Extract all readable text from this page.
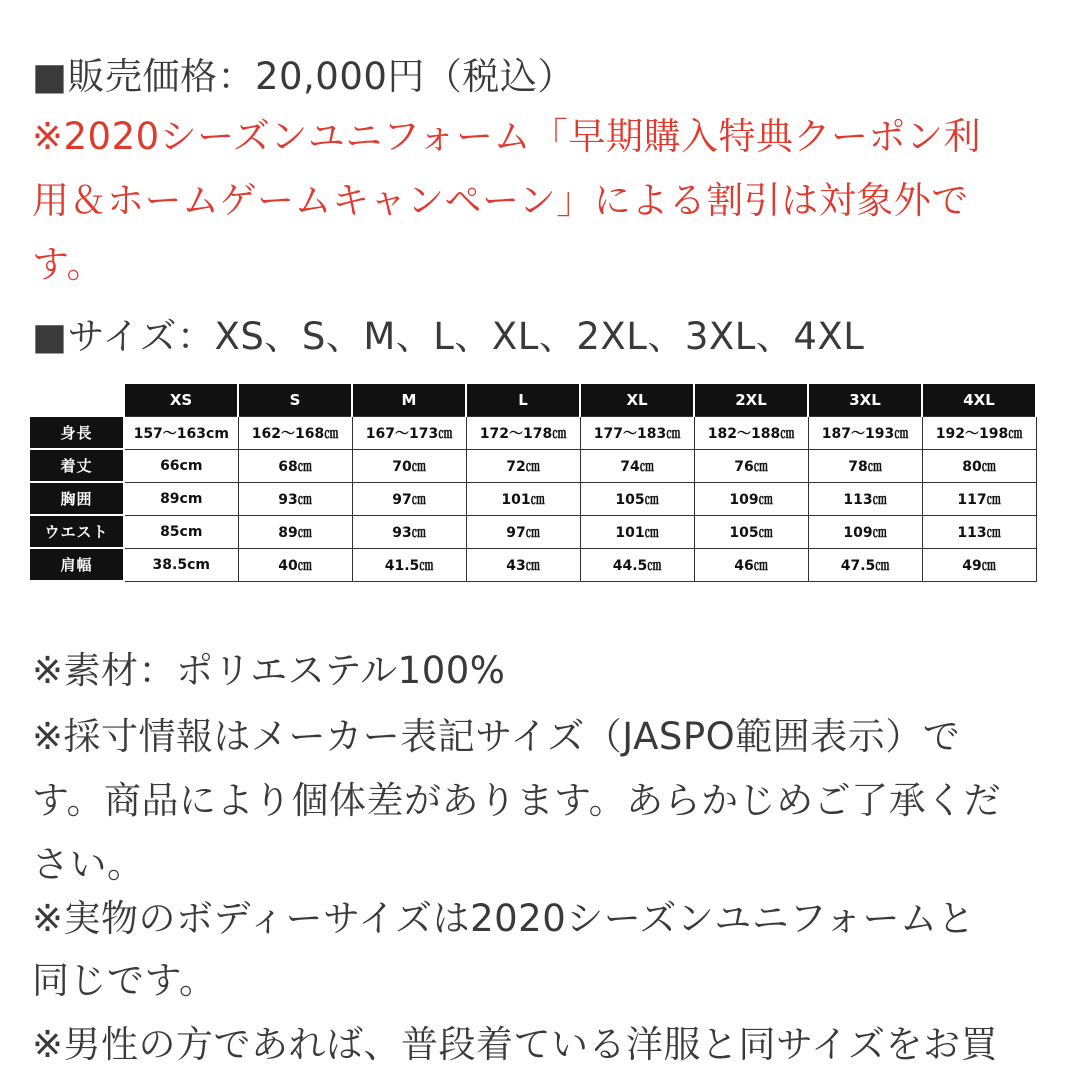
■販売価格：20,000円（税込）
※2020シーズンユニフォーム「早期購入特典クーポン利
用＆ホームゲームキャンペーン」による割引は対象外で
す。
■サイズ：XS、S、M、L、XL、2XL、3XL、4XL
	XS	S	M	L	XL	2XL	3XL	4XL
身長	157〜163cm	162〜168㎝	167〜173㎝	172〜178㎝	177〜183㎝	182〜188㎝	187〜193㎝	192〜198㎝
着丈	66cm	68㎝	70㎝	72㎝	74㎝	76㎝	78㎝	80㎝
胸囲	89cm	93㎝	97㎝	101㎝	105㎝	109㎝	113㎝	117㎝
ウエスト	85cm	89㎝	93㎝	97㎝	101㎝	105㎝	109㎝	113㎝
肩幅	38.5cm	40㎝	41.5㎝	43㎝	44.5㎝	46㎝	47.5㎝	49㎝
※素材：ポリエステル100%
※採寸情報はメーカー表記サイズ（JASPO範囲表示）で
す。商品により個体差があります。あらかじめご了承くだ
さい。
※実物のボディーサイズは2020シーズンユニフォームと
同じです。
※男性の方であれば、普段着ている洋服と同サイズをお買
